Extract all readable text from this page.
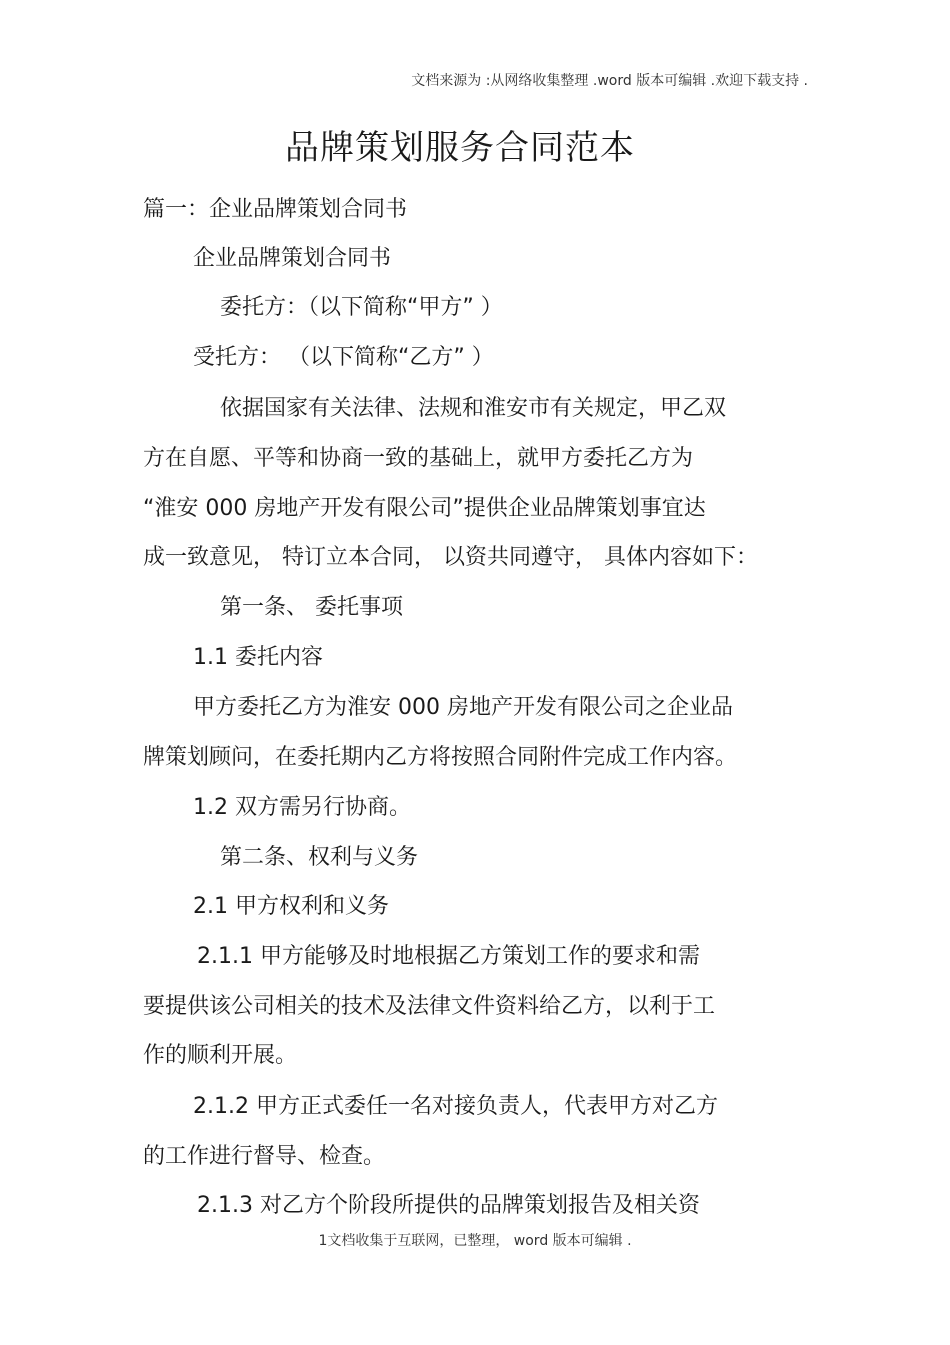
文档来源为 :从网络收集整理 .word 版本可编辑 .欢迎下载支持 .
品牌策划服务合同范本
篇一：企业品牌策划合同书
企业品牌策划合同书
委托方：（以下简称“甲方” ）
受托方： （以下简称“乙方” ）
依据国家有关法律、法规和淮安市有关规定，甲乙双
方在自愿、平等和协商一致的基础上，就甲方委托乙方为
“淮安 000 房地产开发有限公司”提供企业品牌策划事宜达
成一致意见， 特订立本合同， 以资共同遵守， 具体内容如下：
第一条、 委托事项
1.1 委托内容
甲方委托乙方为淮安 000 房地产开发有限公司之企业品
牌策划顾问，在委托期内乙方将按照合同附件完成工作内容。
1.2 双方需另行协商。
第二条、权利与义务
2.1 甲方权利和义务
2.1.1 甲方能够及时地根据乙方策划工作的要求和需
要提供该公司相关的技术及法律文件资料给乙方，以利于工
作的顺利开展。
2.1.2 甲方正式委任一名对接负责人，代表甲方对乙方
的工作进行督导、检查。
2.1.3 对乙方个阶段所提供的品牌策划报告及相关资
1文档收集于互联网，已整理， word 版本可编辑 .
